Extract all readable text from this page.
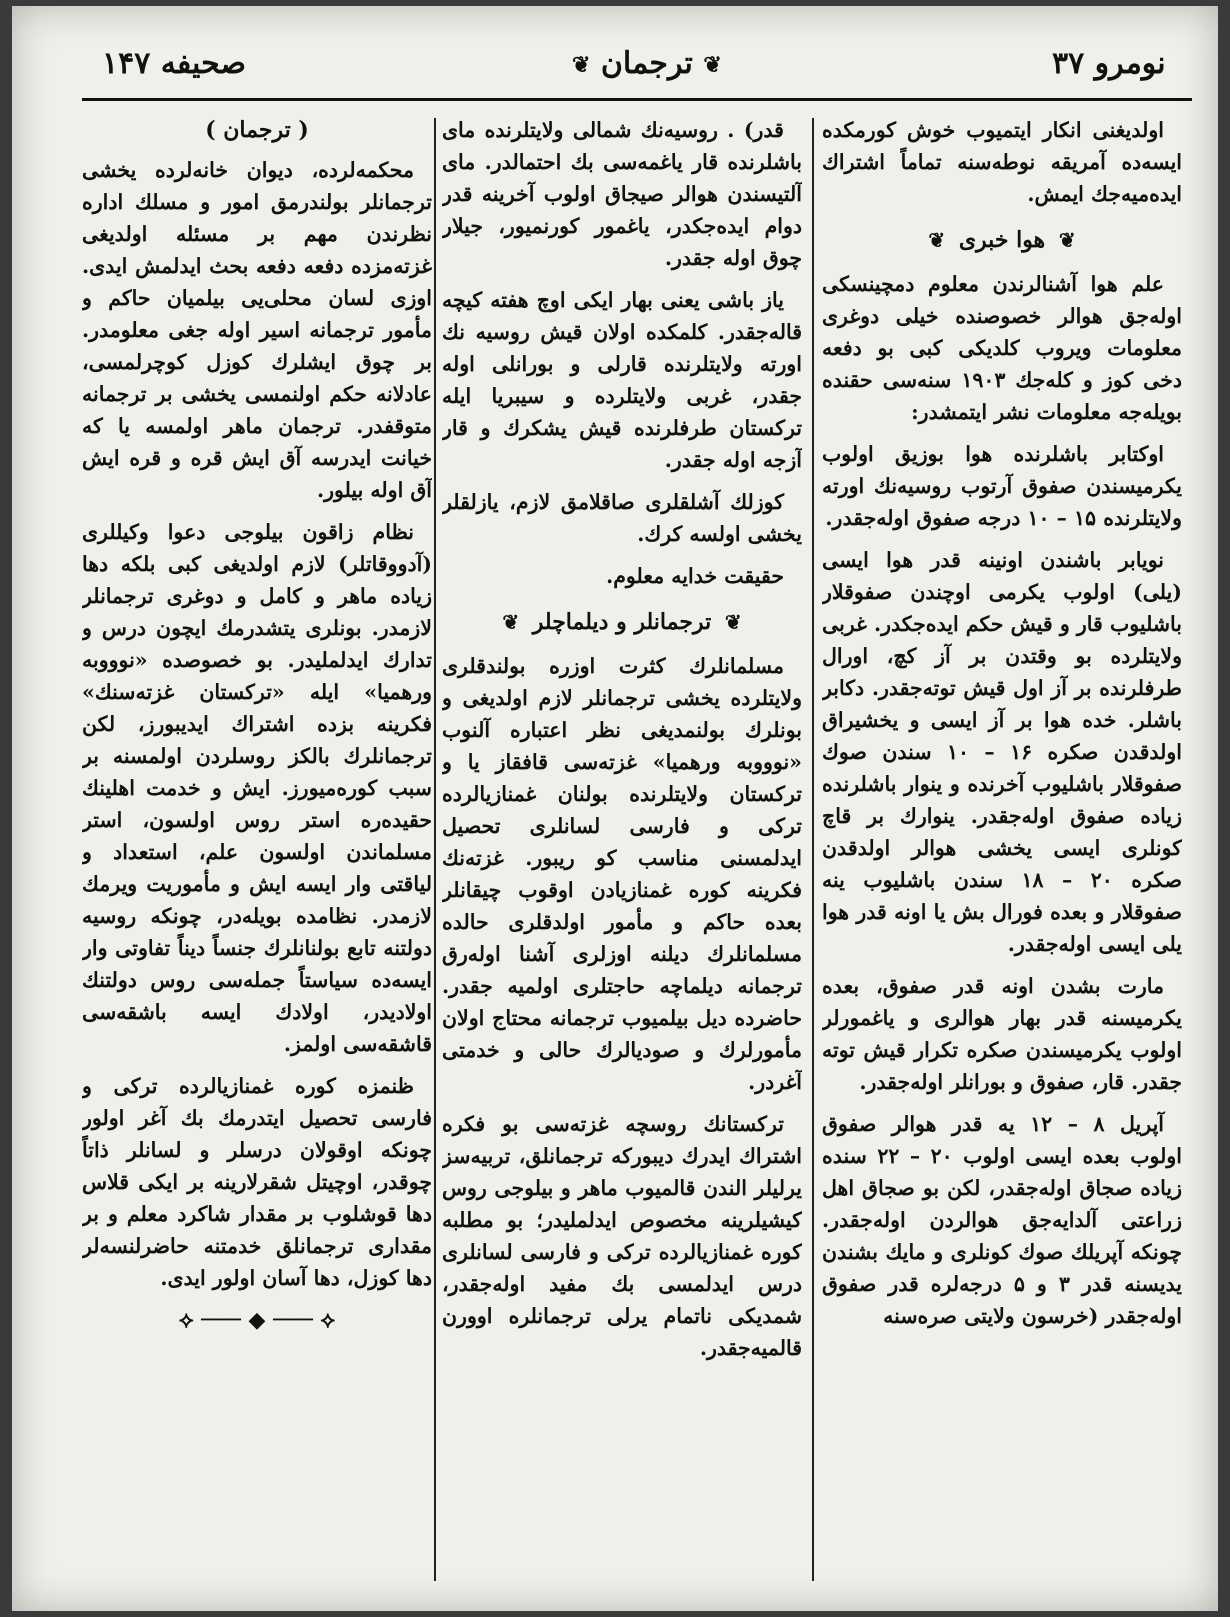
صحیفه ۱۴۷	❦ ترجمان ❦	نومرو ۳۷

اولدیغنی انکار ایتمیوب خوش کورمکده ایسه‌ده آمریقه نوطه‌سنه تماماً اشتراك ایده‌میه‌جك ایمش.

❦ هوا خبری ❦

علم هوا آشنالرندن معلوم دمچینسکی اوله‌جق هوالر خصوصنده خیلی دوغری معلومات ویروب کلدیکی کبی بو دفعه دخی کوز و کله‌جك ۱۹۰۳ سنه‌سی حقنده بویله‌جه معلومات نشر ایتمشدر:

اوکتابر باشلرنده هوا بوزیق اولوب یکرمیسندن صفوق آرتوب روسیه‌نك اورته ولایتلرنده ۱۵ – ۱۰ درجه صفوق اوله‌جقدر.

نویابر باشندن اونینه قدر هوا ایسی (یلی) اولوب یکرمی اوچندن صفوقلار باشلیوب قار و قیش حکم ایده‌جکدر. غربی ولایتلرده بو وقتدن بر آز کچ، اورال طرفلرنده بر آز اول قیش توته‌جقدر. دکابر باشلر. خده هوا بر آز ایسی و یخشیراق اولدقدن صکره ۱۶ – ۱۰ سندن صوك صفوقلار باشلیوب آخرنده و ینوار باشلرنده زیاده صفوق اوله‌جقدر. ینوارك بر قاچ کونلری ایسی یخشی هوالر اولدقدن صکره ۲۰ – ۱۸ سندن باشلیوب ینه صفوقلار و بعده فورال بش یا اونه قدر هوا یلی ایسی اوله‌جقدر.

مارت بشدن اونه قدر صفوق، بعده یکرمیسنه قدر بهار هوالری و یاغمورلر اولوب یکرمیسندن صکره تکرار قیش توته جقدر. قار، صفوق و بورانلر اوله‌جقدر.

آپریل ۸ – ۱۲ یه قدر هوالر صفوق اولوب بعده ایسی اولوب ۲۰ – ۲۲ سنده زیاده صجاق اوله‌جقدر، لکن بو صجاق اهل زراعتی آلدایه‌جق هوالردن اوله‌جقدر. چونکه آپریلك صوك کونلری و مایك بشندن یدیسنه قدر ۳ و ۵ درجه‌لره قدر صفوق اوله‌جقدر (خرسون ولایتی صره‌سنه

قدر) . روسیه‌نك شمالی ولایتلرنده مای باشلرنده قار یاغمه‌سی بك احتمالدر. مای آلتیسندن هوالر صیجاق اولوب آخرینه قدر دوام ایده‌جکدر، یاغمور کورنمیور، جیلار چوق اوله جقدر.

یاز باشی یعنی بهار ایکی اوچ هفته کیچه قاله‌جقدر. کلمکده اولان قیش روسیه نك اورته ولایتلرنده قارلی و بورانلی اوله جقدر، غربی ولایتلرده و سیبریا ایله ترکستان طرفلرنده قیش یشکرك و قار آزجه اوله جقدر.

کوزلك آشلقلری صاقلامق لازم، یازلقلر یخشی اولسه کرك.

حقیقت خدایه معلوم.

❦ ترجمانلر و دیلماچلر ❦

مسلمانلرك کثرت اوزره بولندقلری ولایتلرده یخشی ترجمانلر لازم اولدیغی و بونلرك بولنمدیغی نظر اعتباره آلنوب «نوووبه ورهمیا» غزته‌سی قافقاز یا و ترکستان ولایتلرنده بولنان غمنازیالرده ترکی و فارسی لسانلری تحصیل ایدلمسنی مناسب کو ریبور. غزته‌نك فکرینه کوره غمنازیادن اوقوب چیقانلر بعده حاکم و مأمور اولدقلری حالده مسلمانلرك دیلنه اوزلری آشنا اوله‌رق ترجمانه دیلماچه حاجتلری اولمیه جقدر. حاضرده دیل بیلمیوب ترجمانه محتاج اولان مأمورلرك و صودیالرك حالی و خدمتی آغردر.

ترکستانك روسچه غزته‌سی بو فکره اشتراك ایدرك دیبورکه ترجمانلق، تربیه‌سز یرلیلر الندن قالمیوب ماهر و بیلوجی روس کیشیلرینه مخصوص ایدلملیدر؛ بو مطلبه کوره غمنازیالرده ترکی و فارسی لسانلری درس ایدلمسی بك مفید اوله‌جقدر، شمدیکی ناتمام یرلی ترجمانلره اوورن قالمیه‌جقدر.

( ترجمان )

محکمه‌لرده، دیوان خانه‌لرده یخشی ترجمانلر بولندرمق امور و مسلك اداره نظرندن مهم بر مسئله اولدیغی غزته‌مزده دفعه دفعه بحث ایدلمش ایدی. اوزی لسان محلی‌یی بیلمیان حاکم و مأمور ترجمانه اسیر اوله جغی معلومدر. بر چوق ایشلرك کوزل کوچرلمسی، عادلانه حکم اولنمسی یخشی بر ترجمانه متوقفدر. ترجمان ماهر اولمسه یا که خیانت ایدرسه آق ایش قره و قره ایش آق اوله بیلور.

نظام زاقون بیلوجی دعوا وکیللری (آدووقاتلر) لازم اولدیغی کبی بلکه دها زیاده ماهر و کامل و دوغری ترجمانلر لازمدر. بونلری یتشدرمك ایچون درس و تدارك ایدلملیدر. بو خصوصده «نوووبه ورهمیا» ایله «ترکستان غزته‌سنك» فکرینه بزده اشتراك ایدیبورز، لکن ترجمانلرك بالکز روسلردن اولمسنه بر سبب کوره‌میورز. ایش و خدمت اهلینك حقیده‌ره استر روس اولسون، استر مسلماندن اولسون علم، استعداد و لیاقتی وار ایسه ایش و مأموریت ویرمك لازمدر. نظامده بویله‌در، چونکه روسیه دولتنه تابع بولنانلرك جنساً دیناً تفاوتی وار ایسه‌ده سیاستاً جمله‌سی روس دولتنك اولادیدر، اولادك ایسه باشقه‌سی قاشقه‌سی اولمز.

ظنمزه کوره غمنازیالرده ترکی و فارسی تحصیل ایتدرمك بك آغر اولور چونکه اوقولان درسلر و لسانلر ذاتاً چوقدر، اوچیتل شقرلارینه بر ایکی قلاس دها قوشلوب بر مقدار شاکرد معلم و بر مقداری ترجمانلق خدمتنه حاضرلنسه‌لر دها کوزل، دها آسان اولور ایدی.

⟡ ─── ◆ ─── ⟡
